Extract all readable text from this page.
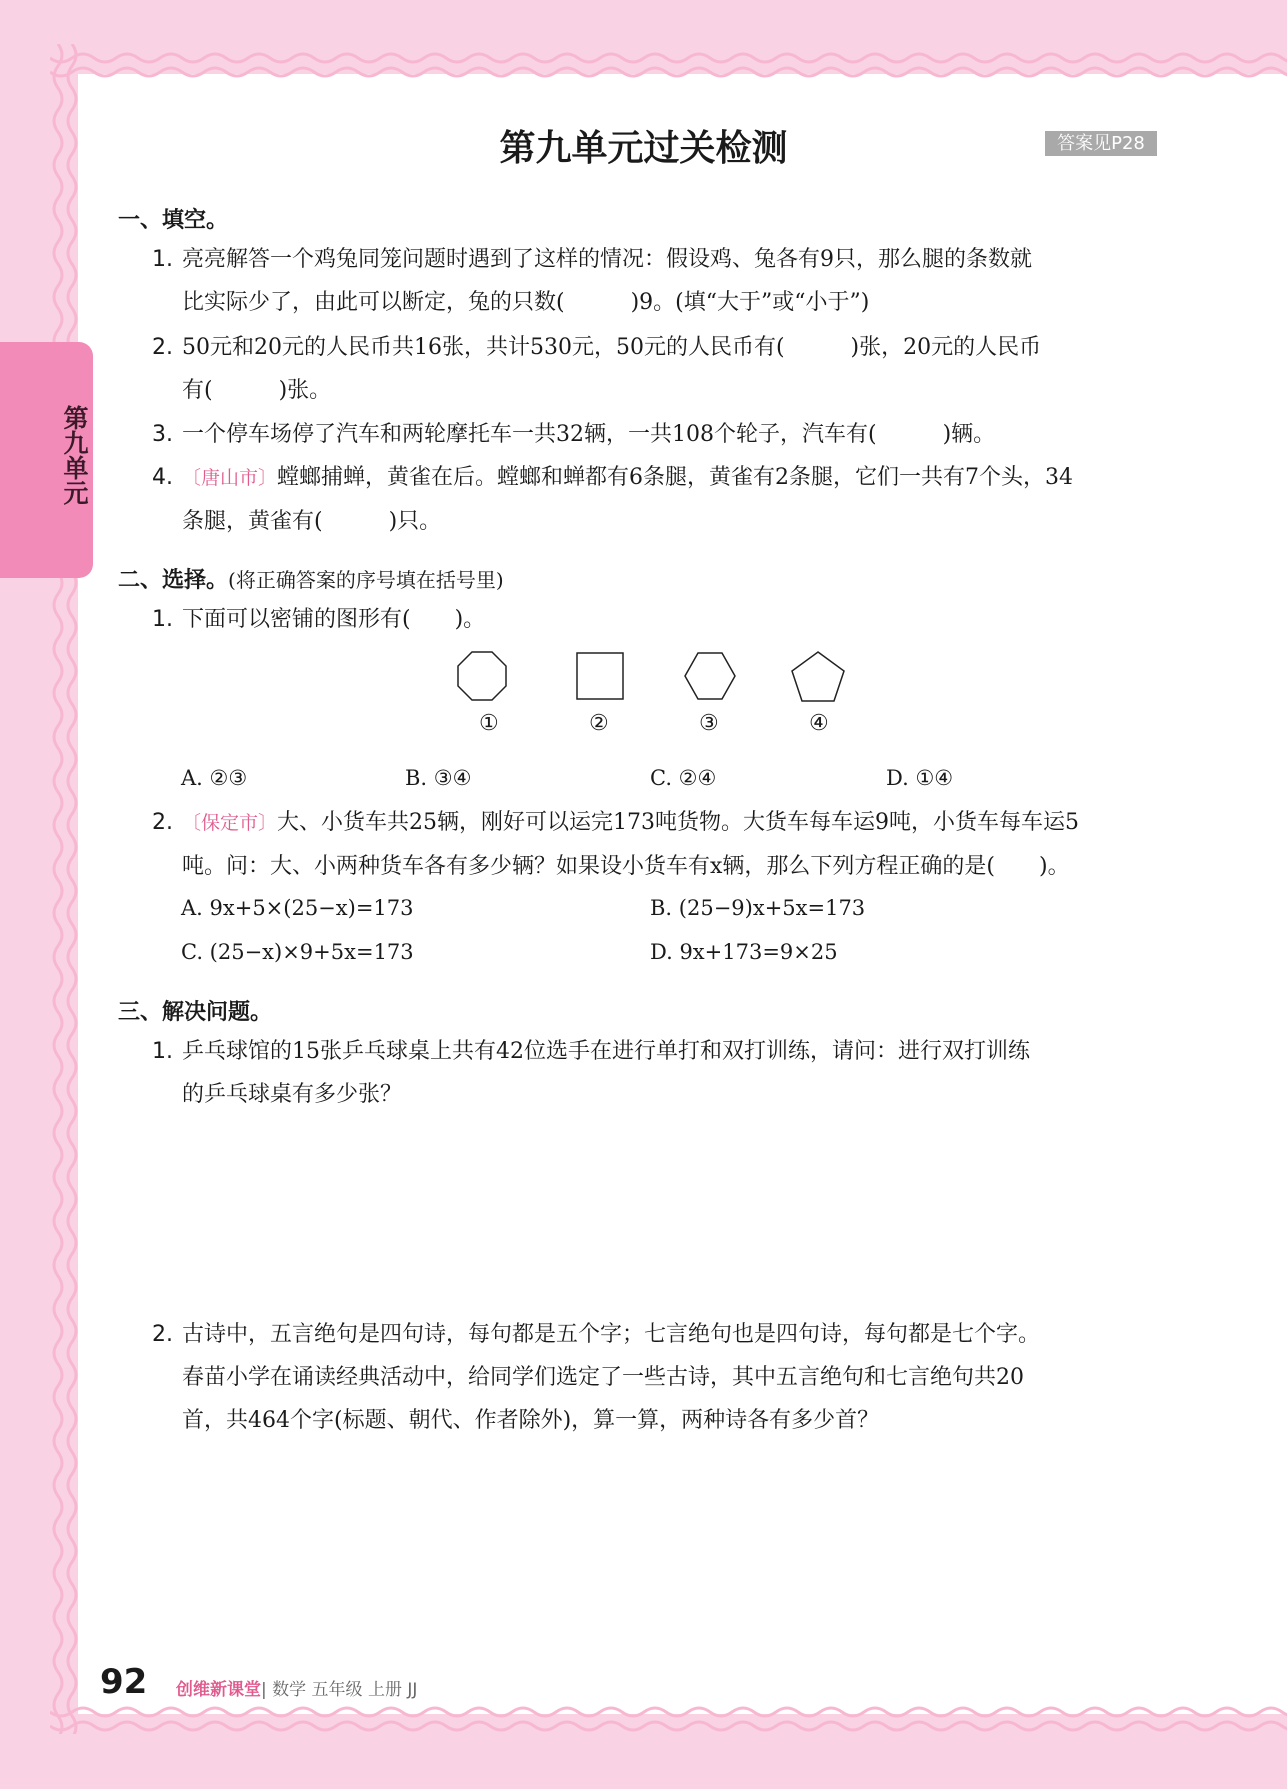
第九单元
第九单元过关检测	答案见P28
一、填空。
1. 亮亮解答一个鸡兔同笼问题时遇到了这样的情况：假设鸡、兔各有9只，那么腿的条数就
比实际少了，由此可以断定，兔的只数(　　　)9。(填“大于”或“小于”)
2. 50元和20元的人民币共16张，共计530元，50元的人民币有(　　　)张，20元的人民币
有(　　　)张。
3. 一个停车场停了汽车和两轮摩托车一共32辆，一共108个轮子，汽车有(　　　)辆。
4. 〔唐山市〕螳螂捕蝉，黄雀在后。螳螂和蝉都有6条腿，黄雀有2条腿，它们一共有7个头，34
条腿，黄雀有(　　　)只。
二、选择。(将正确答案的序号填在括号里)
1. 下面可以密铺的图形有(　　)。
①	②	③	④
A. ②③	B. ③④	C. ②④	D. ①④
2. 〔保定市〕大、小货车共25辆，刚好可以运完173吨货物。大货车每车运9吨，小货车每车运5
吨。问：大、小两种货车各有多少辆？如果设小货车有x辆，那么下列方程正确的是(　　)。
A. 9x+5×(25−x)=173	B. (25−9)x+5x=173
C. (25−x)×9+5x=173	D. 9x+173=9×25
三、解决问题。
1. 乒乓球馆的15张乒乓球桌上共有42位选手在进行单打和双打训练，请问：进行双打训练
的乒乓球桌有多少张？
2. 古诗中，五言绝句是四句诗，每句都是五个字；七言绝句也是四句诗，每句都是七个字。
春苗小学在诵读经典活动中，给同学们选定了一些古诗，其中五言绝句和七言绝句共20
首，共464个字(标题、朝代、作者除外)，算一算，两种诗各有多少首？
92 创维新课堂| 数学 五年级 上册 JJ
